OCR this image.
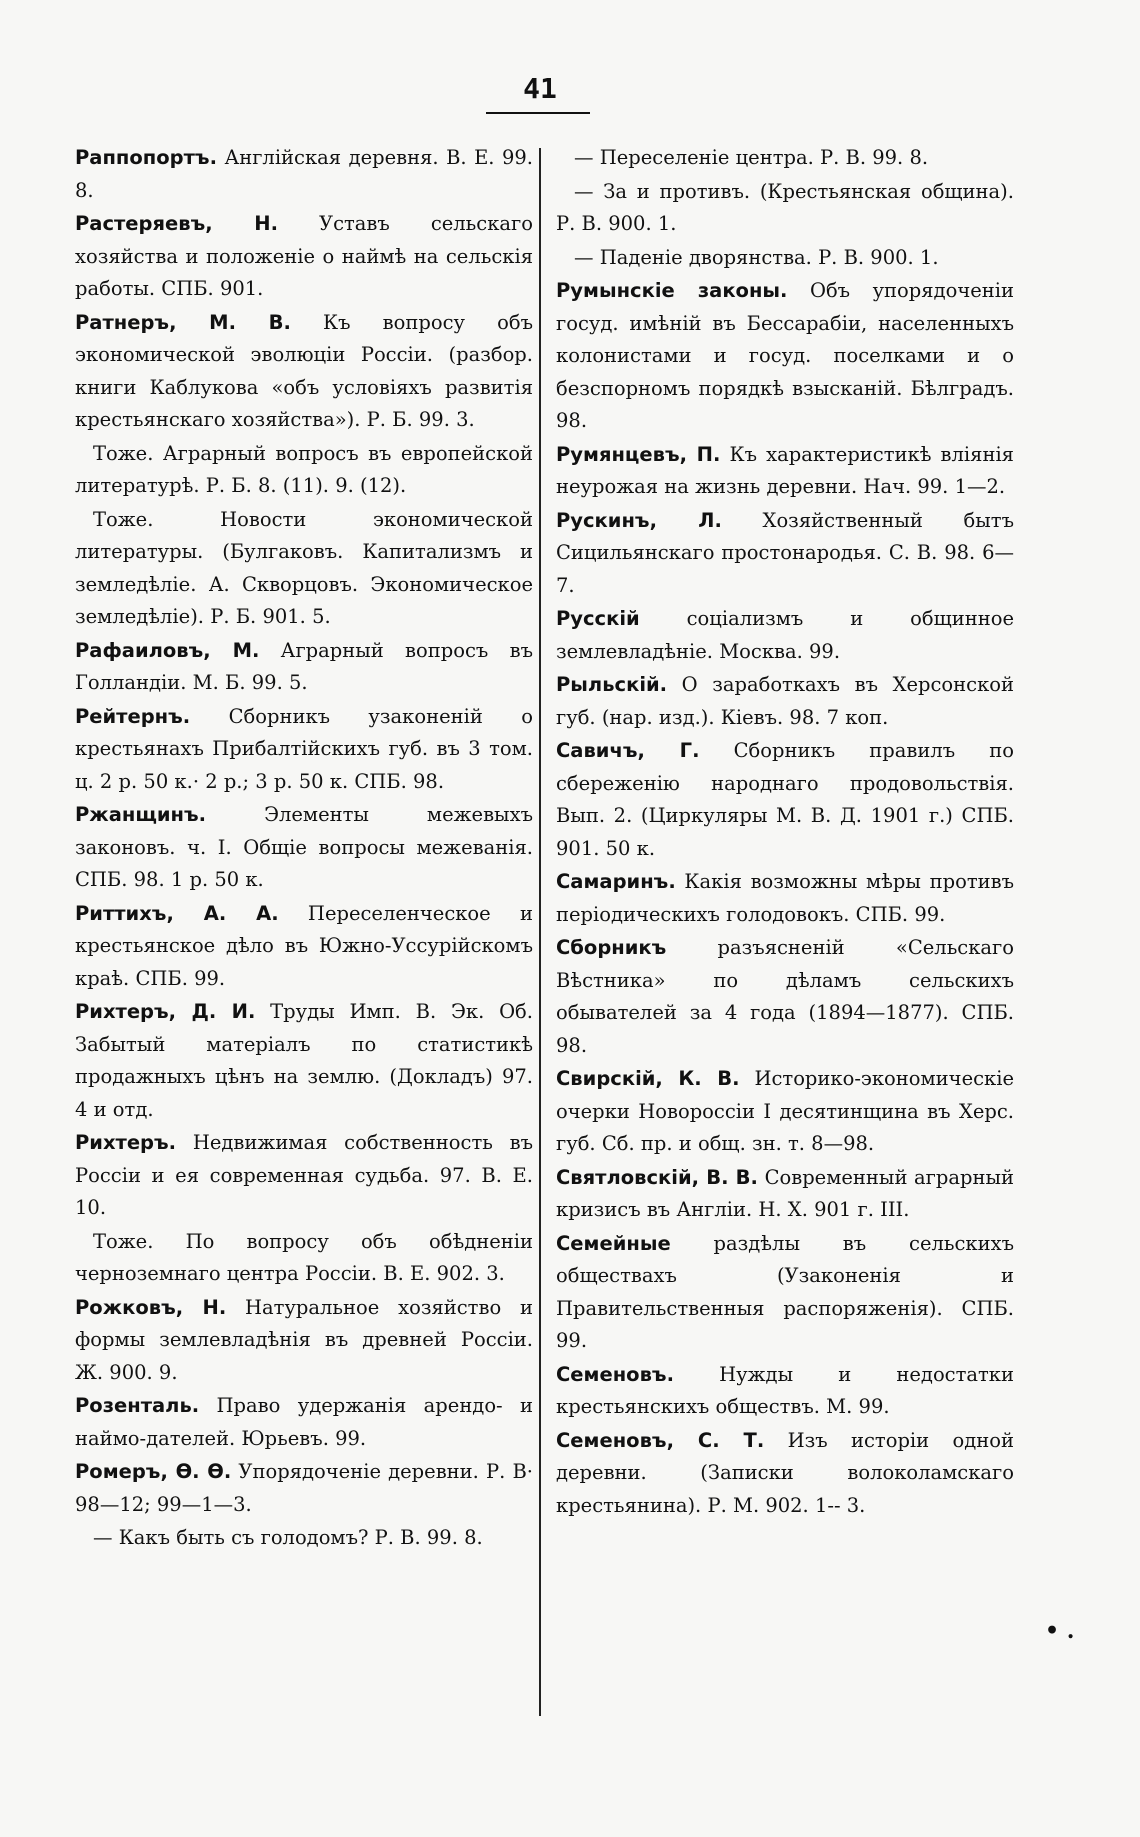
41

Раппопортъ. Англійская деревня. В. Е. 99. 8.

Растеряевъ, Н. Уставъ сельскаго хозяйства и положеніе о наймѣ на сельскія работы. СПБ. 901.

Ратнеръ, М. В. Къ вопросу объ экономической эволюціи Россіи. (разбор. книги Каблукова «объ условіяхъ развитія крестьянскаго хозяйства»). Р. Б. 99. 3.

Тоже. Аграрный вопросъ въ европейской литературѣ. Р. Б. 8. (11). 9. (12).

Тоже. Новости экономической литературы. (Булгаковъ. Капитализмъ и земледѣліе. А. Скворцовъ. Экономическое земледѣліе). Р. Б. 901. 5.

Рафаиловъ, М. Аграрный вопросъ въ Голландіи. М. Б. 99. 5.

Рейтернъ. Сборникъ узаконеній о крестьянахъ Прибалтійскихъ губ. въ 3 том. ц. 2 р. 50 к.· 2 р.; 3 р. 50 к. СПБ. 98.

Ржанщинъ. Элементы межевыхъ законовъ. ч. I. Общіе вопросы межеванія. СПБ. 98. 1 р. 50 к.

Риттихъ, А. А. Переселенческое и крестьянское дѣло въ Южно-Уссурійскомъ краѣ. СПБ. 99.

Рихтеръ, Д. И. Труды Имп. В. Эк. Об. Забытый матеріалъ по статистикѣ продажныхъ цѣнъ на землю. (Докладъ) 97. 4 и отд.

Рихтеръ. Недвижимая собственность въ Россіи и ея современная судьба. 97. В. Е. 10.

Тоже. По вопросу объ обѣдненіи черноземнаго центра Россіи. В. Е. 902. 3.

Рожковъ, Н. Натуральное хозяйство и формы землевладѣнія въ древней Россіи. Ж. 900. 9.

Розенталь. Право удержанія арендо- и наймо-дателей. Юрьевъ. 99.

Ромеръ, Ѳ. Ѳ. Упорядоченіе деревни. Р. В· 98—12; 99—1—3.

— Какъ быть съ голодомъ? Р. В. 99. 8.

— Переселеніе центра. Р. В. 99. 8.

— За и противъ. (Крестьянская община). Р. В. 900. 1.

— Паденіе дворянства. Р. В. 900. 1.

Румынскіе законы. Объ упорядоченіи госуд. имѣній въ Бессарабіи, населенныхъ колонистами и госуд. поселками и о безспорномъ порядкѣ взысканій. Бѣлградъ. 98.

Румянцевъ, П. Къ характеристикѣ вліянія неурожая на жизнь деревни. Нач. 99. 1—2.

Рускинъ, Л. Хозяйственный бытъ Сицильянскаго простонародья. С. В. 98. 6—7.

Русскій соціализмъ и общинное землевладѣніе. Москва. 99.

Рыльскій. О заработкахъ въ Херсонской губ. (нар. изд.). Кіевъ. 98. 7 коп.

Савичъ, Г. Сборникъ правилъ по сбереженію народнаго продовольствія. Вып. 2. (Циркуляры М. В. Д. 1901 г.) СПБ. 901. 50 к.

Самаринъ. Какія возможны мѣры противъ періодическихъ голодовокъ. СПБ. 99.

Сборникъ разъясненій «Сельскаго Вѣстника» по дѣламъ сельскихъ обывателей за 4 года (1894—1877). СПБ. 98.

Свирскій, К. В. Историко-экономическіе очерки Новороссіи I десятинщина въ Херс. губ. Сб. пр. и общ. зн. т. 8—98.

Святловскій, В. В. Современный аграрный кризисъ въ Англіи. Н. Х. 901 г. III.

Семейные раздѣлы въ сельскихъ обществахъ (Узаконенія и Правительственныя распоряженія). СПБ. 99.

Семеновъ. Нужды и недостатки крестьянскихъ обществъ. М. 99.

Семеновъ, С. Т. Изъ исторіи одной деревни. (Записки волоколамскаго крестьянина). Р. М. 902. 1-- 3.

• .
